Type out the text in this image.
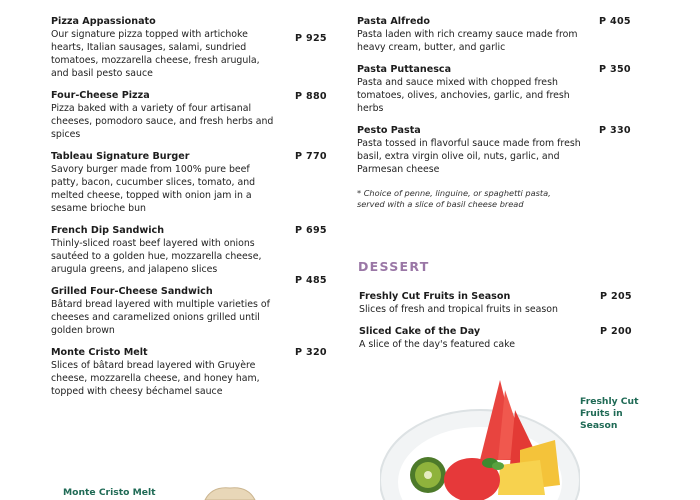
Pizza Appassionato
Our signature pizza topped with artichoke hearts, Italian sausages, salami, sundried tomatoes, mozzarella cheese, fresh arugula, and basil pesto sauce
P 925
Four-Cheese Pizza
Pizza baked with a variety of four artisanal cheeses, pomodoro sauce, and fresh herbs and spices
P 880
Tableau Signature Burger
Savory burger made from 100% pure beef patty, bacon, cucumber slices, tomato, and melted cheese, topped with onion jam in a sesame brioche bun
P 770
French Dip Sandwich
Thinly-sliced roast beef layered with onions sautéed to a golden hue, mozzarella cheese, arugula greens, and jalapeno slices
P 695
Grilled Four-Cheese Sandwich
Bâtard bread layered with multiple varieties of cheeses and caramelized onions grilled until golden brown
P 485
Monte Cristo Melt
Slices of bâtard bread layered with Gruyère cheese, mozzarella cheese, and honey ham, topped with cheesy béchamel sauce
P 320
Pasta Alfredo
Pasta laden with rich creamy sauce made from heavy cream, butter, and garlic
P 405
Pasta Puttanesca
Pasta and sauce mixed with chopped fresh tomatoes, olives, anchovies, garlic, and fresh herbs
P 350
Pesto Pasta
Pasta tossed in flavorful sauce made from fresh basil, extra virgin olive oil, nuts, garlic, and Parmesan cheese
P 330
* Choice of penne, linguine, or spaghetti pasta, served with a slice of basil cheese bread
DESSERT
Freshly Cut Fruits in Season
Slices of fresh and tropical fruits in season
P 205
Sliced Cake of the Day
A slice of the day's featured cake
P 200
Freshly Cut Fruits in Season
Monte Cristo Melt
